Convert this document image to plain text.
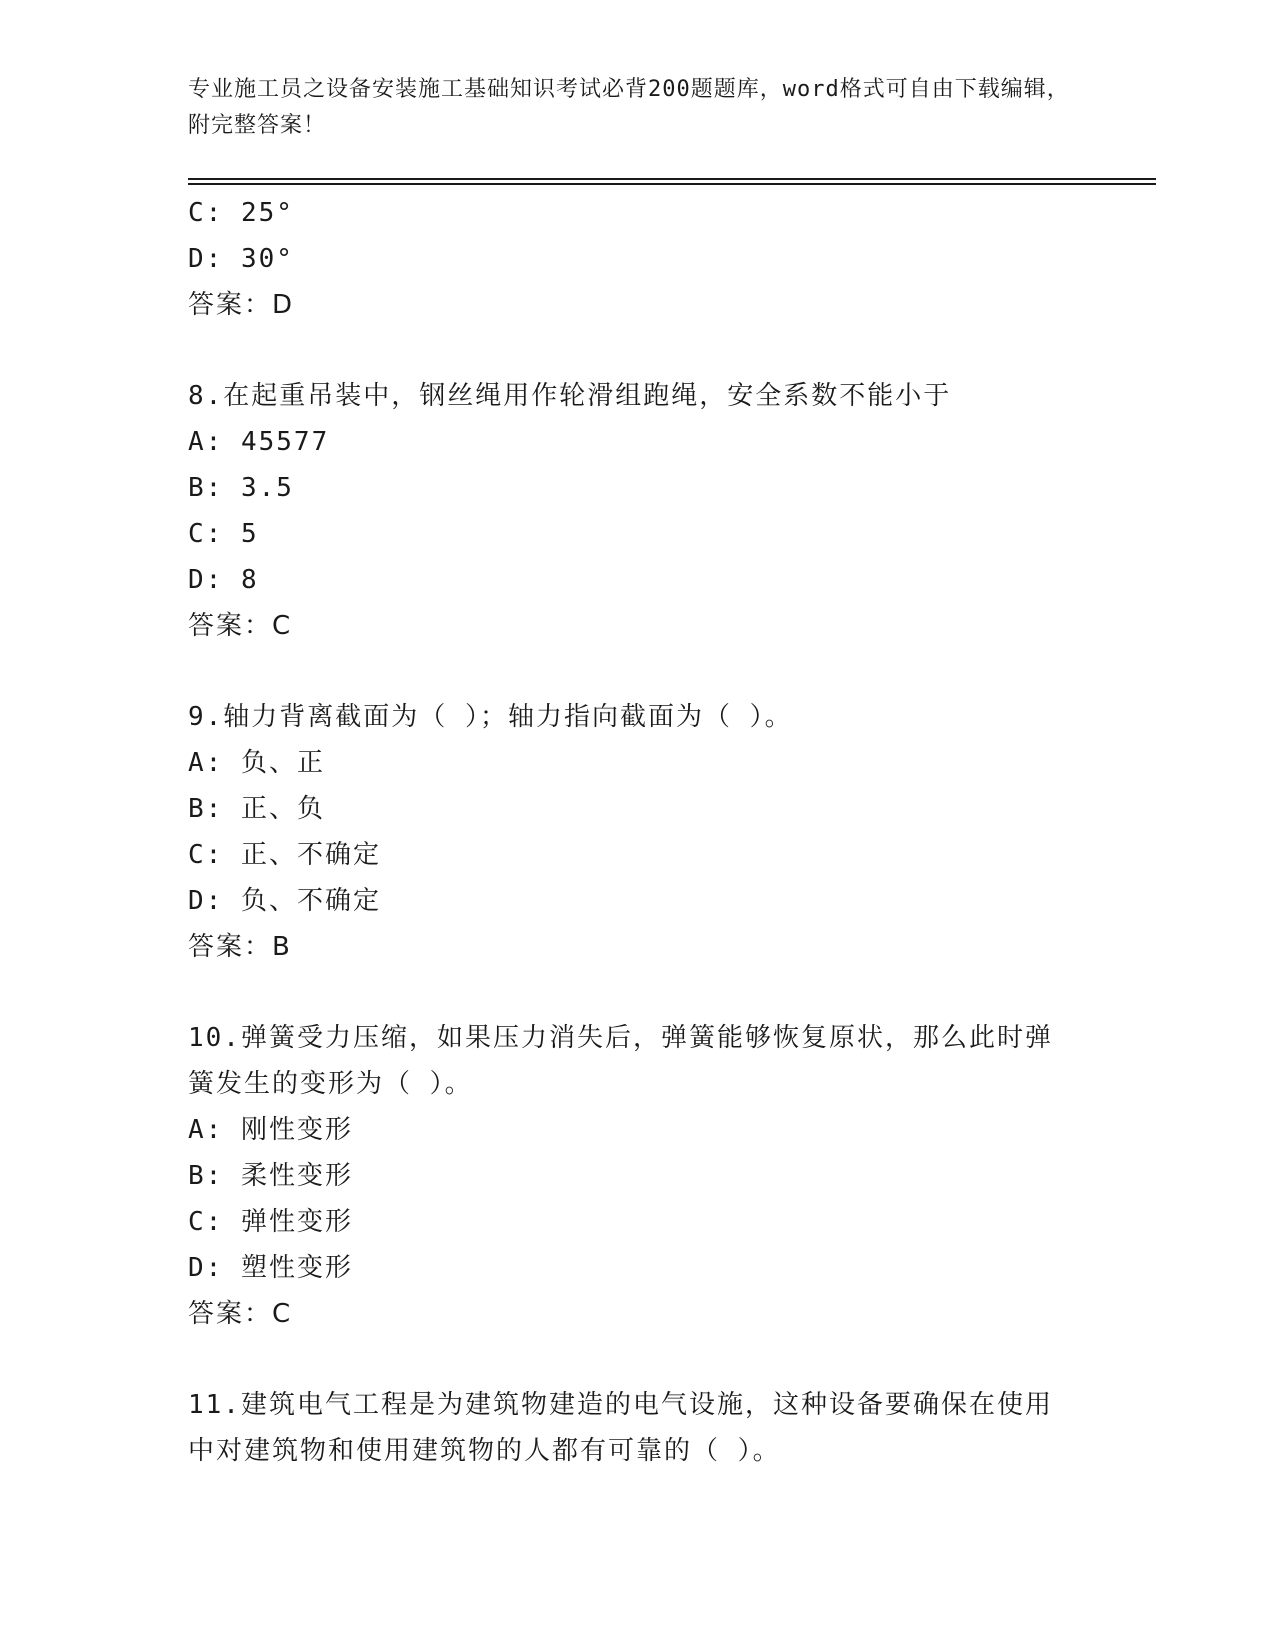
专业施工员之设备安装施工基础知识考试必背200题题库，word格式可自由下载编辑，附完整答案！
C: 25°
D: 30°
答案：D
8.在起重吊装中，钢丝绳用作轮滑组跑绳，安全系数不能小于
A: 45577
B: 3.5
C: 5
D: 8
答案：C
9.轴力背离截面为（ ）；轴力指向截面为（ ）。
A: 负、正
B: 正、负
C: 正、不确定
D: 负、不确定
答案：B
10.弹簧受力压缩，如果压力消失后，弹簧能够恢复原状，那么此时弹簧发生的变形为（ ）。
A: 刚性变形
B: 柔性变形
C: 弹性变形
D: 塑性变形
答案：C
11.建筑电气工程是为建筑物建造的电气设施，这种设备要确保在使用中对建筑物和使用建筑物的人都有可靠的（ ）。
